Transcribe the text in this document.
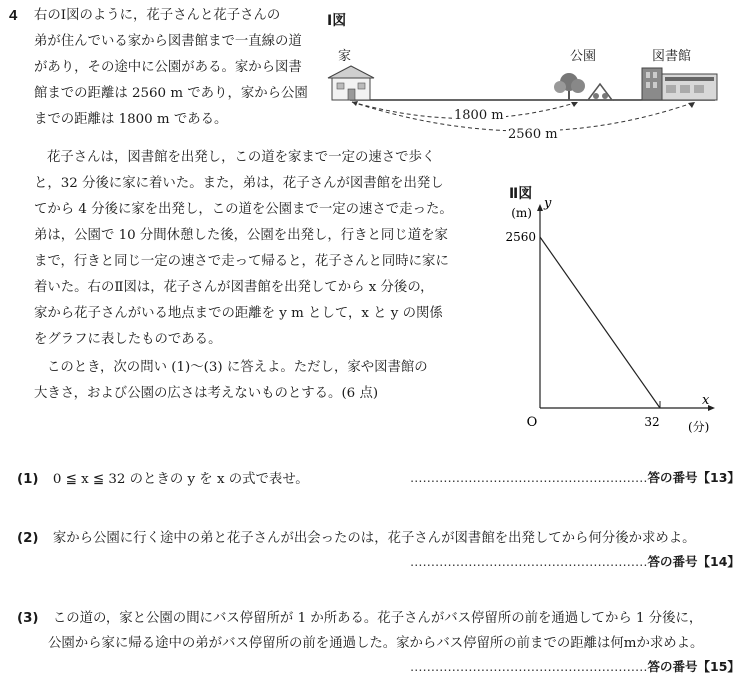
4 右のⅠ図のように，花子さんと花子さんの
弟が住んでいる家から図書館まで一直線の道
があり，その途中に公園がある。家から図書
館までの距離は 2560 m であり，家から公園
までの距離は 1800 m である。
花子さんは，図書館を出発し，この道を家まで一定の速さで歩く
と，32 分後に家に着いた。また，弟は，花子さんが図書館を出発し
てから 4 分後に家を出発し，この道を公園まで一定の速さで走った。
弟は，公園で 10 分間休憩した後，公園を出発し，行きと同じ道を家
まで，行きと同じ一定の速さで走って帰ると，花子さんと同時に家に
着いた。右のⅡ図は，花子さんが図書館を出発してから x 分後の，
家から花子さんがいる地点までの距離を y m として，x と y の関係
をグラフに表したものである。
このとき，次の問い (1)～(3) に答えよ。ただし，家や図書館の
大きさ，および公園の広さは考えないものとする。(6 点)
Ⅰ図
家	公園	図書館
1800 m
2560 m
Ⅱ図
2560
32
O
y
(m)
x
(分)
(1) 0 ≦ x ≦ 32 のときの y を x の式で表せ。	…………………………………………………答の番号【13】
(2) 家から公園に行く途中の弟と花子さんが出会ったのは，花子さんが図書館を出発してから何分後か求めよ。
…………………………………………………答の番号【14】
(3) この道の，家と公園の間にバス停留所が 1 か所ある。花子さんがバス停留所の前を通過してから 1 分後に，
公園から家に帰る途中の弟がバス停留所の前を通過した。家からバス停留所の前までの距離は何mか求めよ。
…………………………………………………答の番号【15】
